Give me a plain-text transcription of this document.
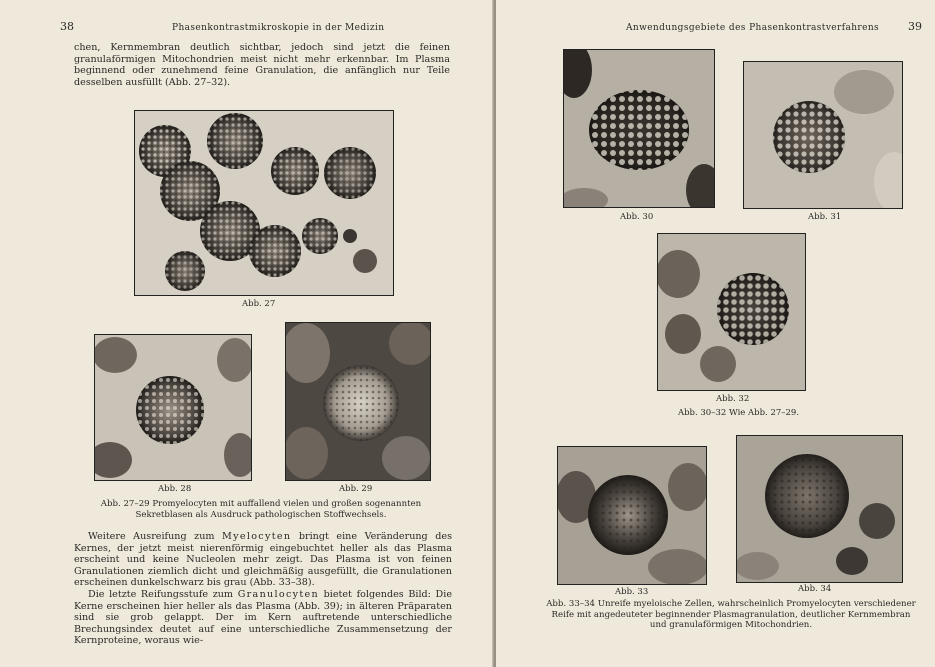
38	Phasenkontrastmikroskopie in der Medizin

chen, Kernmembran deutlich sichtbar, jedoch sind jetzt die feinen granulaförmigen Mitochondrien meist nicht mehr erkennbar. Im Plasma beginnend oder zunehmend feine Granulation, die anfänglich nur Teile desselben ausfüllt (Abb. 27–32).

Abb. 27
Abb. 28	Abb. 29
Abb. 27–29 Promyelocyten mit auffallend vielen und großen sogenannten Sekretblasen als Ausdruck pathologischen Stoffwechsels.

Weitere Ausreifung zum Myelocyten bringt eine Veränderung des Kernes, der jetzt meist nierenförmig eingebuchtet heller als das Plasma erscheint und keine Nucleolen mehr zeigt. Das Plasma ist von feinen Granulationen ziemlich dicht und gleichmäßig ausgefüllt, die Granulationen erscheinen dunkelschwarz bis grau (Abb. 33–38).

Die letzte Reifungsstufe zum Granulocyten bietet folgendes Bild: Die Kerne erscheinen hier heller als das Plasma (Abb. 39); in älteren Präparaten sind sie grob gelappt. Der im Kern auftretende unterschiedliche Brechungsindex deutet auf eine unterschiedliche Zusammensetzung der Kernproteine, woraus wie-

Anwendungsgebiete des Phasenkontrastverfahrens	39
Abb. 30	Abb. 31
Abb. 32
Abb. 30–32 Wie Abb. 27–29.
Abb. 33	Abb. 34
Abb. 33–34 Unreife myeloische Zellen, wahrscheinlich Promyelocyten verschiedener Reife mit angedeuteter beginnender Plasmagranulation, deutlicher Kernmembran und granulaförmigen Mitochondrien.
